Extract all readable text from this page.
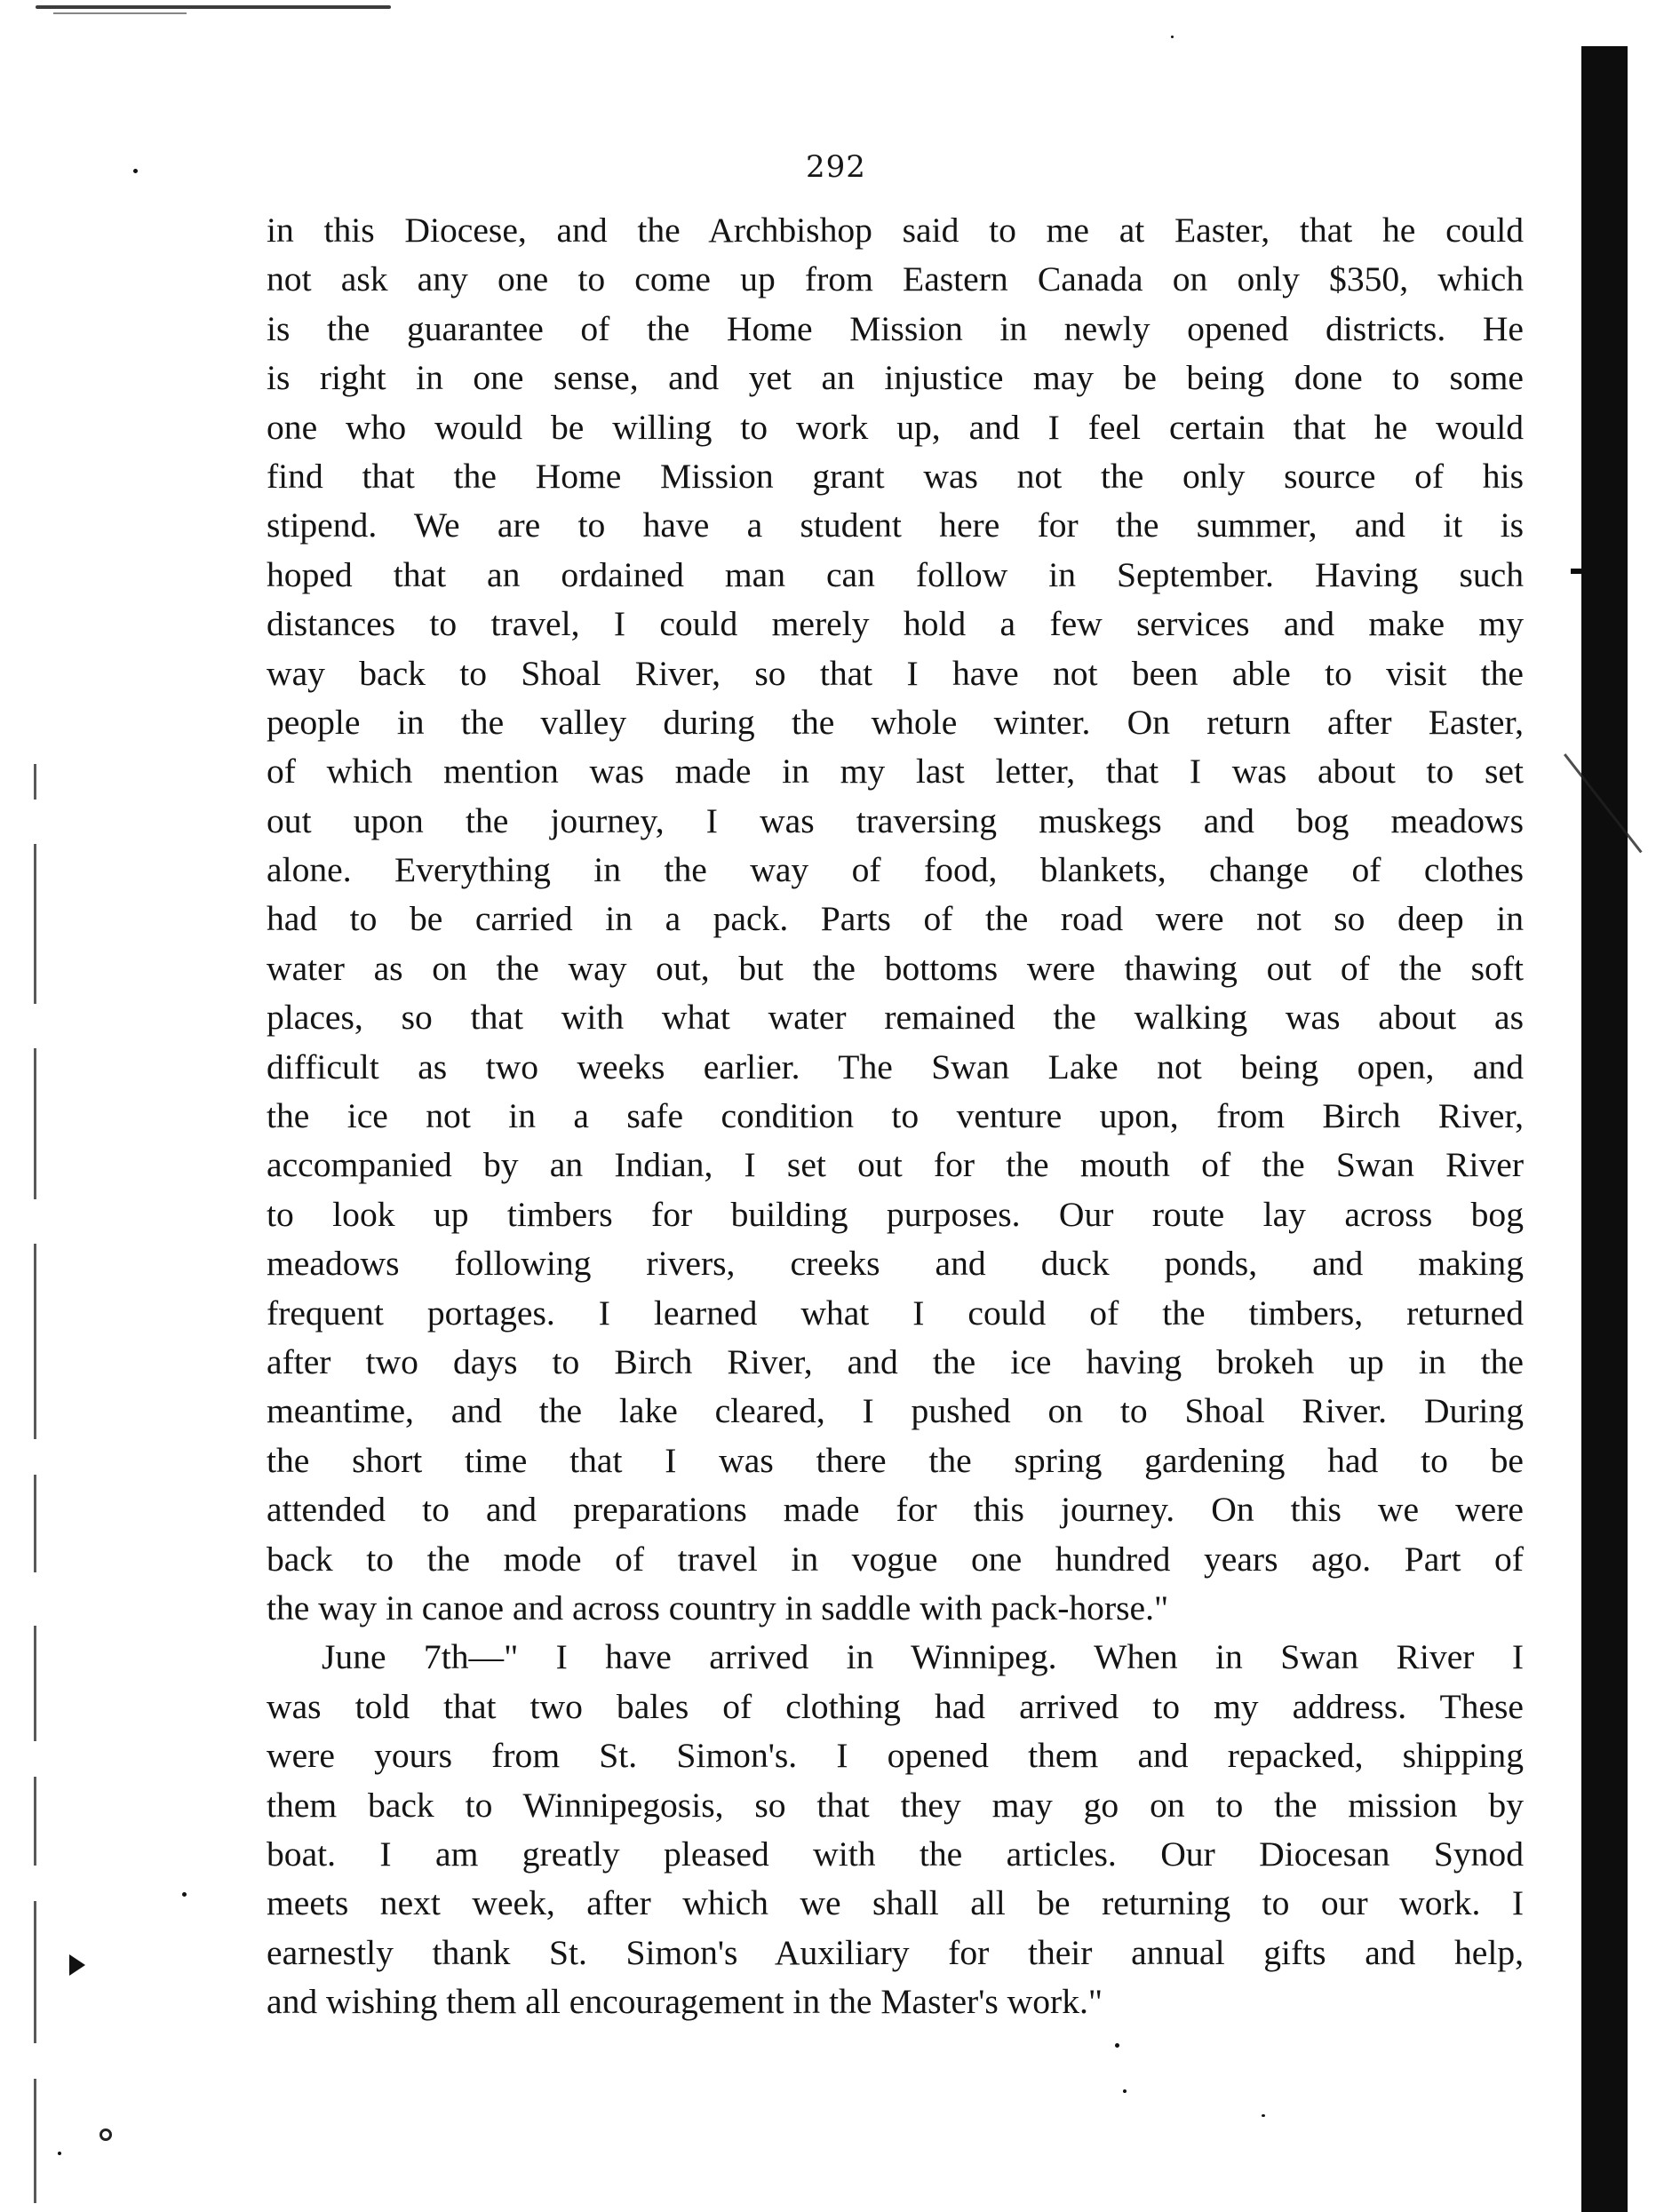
292
in this Diocese, and the Archbishop said to me at Easter, that he could
not ask any one to come up from Eastern Canada on only $350, which
is the guarantee of the Home Mission in newly opened districts. He
is right in one sense, and yet an injustice may be being done to some
one who would be willing to work up, and I feel certain that he would
find that the Home Mission grant was not the only source of his
stipend. We are to have a student here for the summer, and it is
hoped that an ordained man can follow in September. Having such
distances to travel, I could merely hold a few services and make my
way back to Shoal River, so that I have not been able to visit the
people in the valley during the whole winter. On return after Easter,
of which mention was made in my last letter, that I was about to set
out upon the journey, I was traversing muskegs and bog meadows
alone. Everything in the way of food, blankets, change of clothes
had to be carried in a pack. Parts of the road were not so deep in
water as on the way out, but the bottoms were thawing out of the soft
places, so that with what water remained the walking was about as
difficult as two weeks earlier. The Swan Lake not being open, and
the ice not in a safe condition to venture upon, from Birch River,
accompanied by an Indian, I set out for the mouth of the Swan River
to look up timbers for building purposes. Our route lay across bog
meadows following rivers, creeks and duck ponds, and making
frequent portages. I learned what I could of the timbers, returned
after two days to Birch River, and the ice having brokeh up in the
meantime, and the lake cleared, I pushed on to Shoal River. During
the short time that I was there the spring gardening had to be
attended to and preparations made for this journey. On this we were
back to the mode of travel in vogue one hundred years ago. Part of
the way in canoe and across country in saddle with pack-horse."
June 7th—" I have arrived in Winnipeg. When in Swan River I
was told that two bales of clothing had arrived to my address. These
were yours from St. Simon's. I opened them and repacked, shipping
them back to Winnipegosis, so that they may go on to the mission by
boat. I am greatly pleased with the articles. Our Diocesan Synod
meets next week, after which we shall all be returning to our work. I
earnestly thank St. Simon's Auxiliary for their annual gifts and help,
and wishing them all encouragement in the Master's work."
